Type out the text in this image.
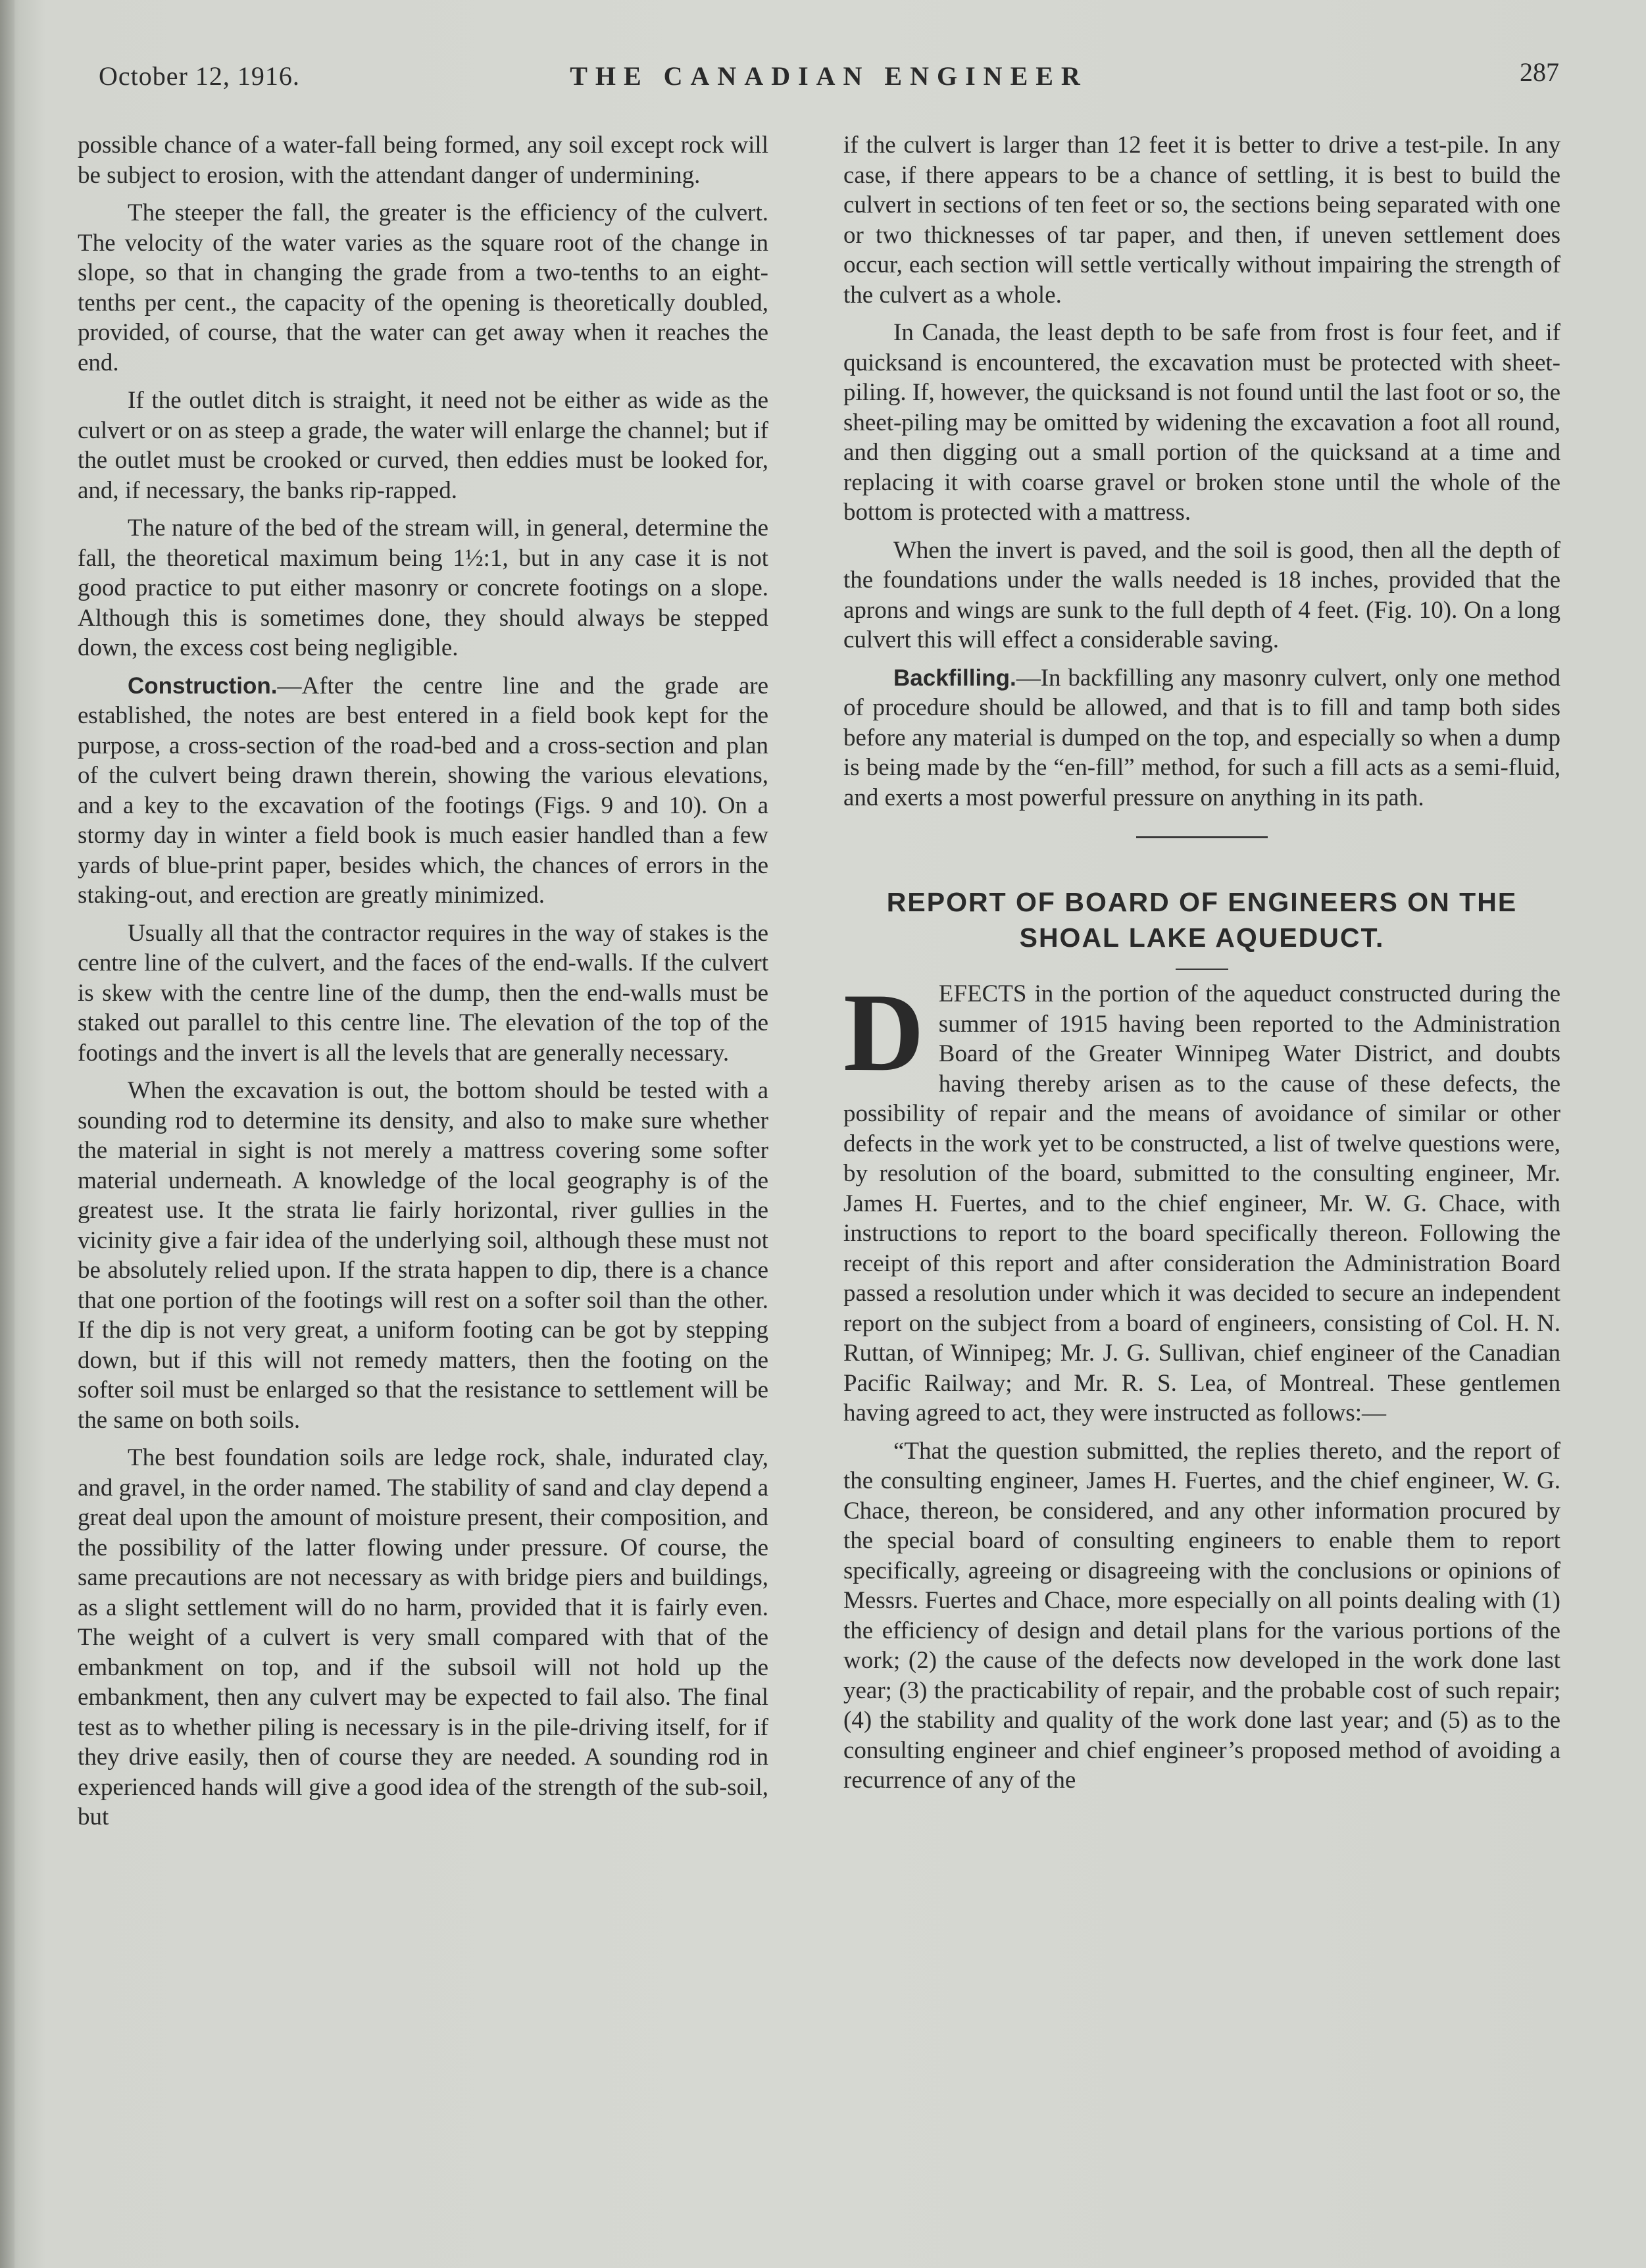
October 12, 1916.	THE CANADIAN ENGINEER	287

possible chance of a water-fall being formed, any soil except rock will be subject to erosion, with the attendant danger of undermining.

The steeper the fall, the greater is the efficiency of the culvert. The velocity of the water varies as the square root of the change in slope, so that in changing the grade from a two-tenths to an eight-tenths per cent., the capacity of the opening is theoretically doubled, provided, of course, that the water can get away when it reaches the end.

If the outlet ditch is straight, it need not be either as wide as the culvert or on as steep a grade, the water will enlarge the channel; but if the outlet must be crooked or curved, then eddies must be looked for, and, if necessary, the banks rip-rapped.

The nature of the bed of the stream will, in general, determine the fall, the theoretical maximum being 1½:1, but in any case it is not good practice to put either masonry or concrete footings on a slope. Although this is sometimes done, they should always be stepped down, the excess cost being negligible.

Construction.—After the centre line and the grade are established, the notes are best entered in a field book kept for the purpose, a cross-section of the road-bed and a cross-section and plan of the culvert being drawn therein, showing the various elevations, and a key to the excavation of the footings (Figs. 9 and 10). On a stormy day in winter a field book is much easier handled than a few yards of blue-print paper, besides which, the chances of errors in the staking-out, and erection are greatly minimized.

Usually all that the contractor requires in the way of stakes is the centre line of the culvert, and the faces of the end-walls. If the culvert is skew with the centre line of the dump, then the end-walls must be staked out parallel to this centre line. The elevation of the top of the footings and the invert is all the levels that are generally necessary.

When the excavation is out, the bottom should be tested with a sounding rod to determine its density, and also to make sure whether the material in sight is not merely a mattress covering some softer material underneath. A knowledge of the local geography is of the greatest use. It the strata lie fairly horizontal, river gullies in the vicinity give a fair idea of the underlying soil, although these must not be absolutely relied upon. If the strata happen to dip, there is a chance that one portion of the footings will rest on a softer soil than the other. If the dip is not very great, a uniform footing can be got by stepping down, but if this will not remedy matters, then the footing on the softer soil must be enlarged so that the resistance to settlement will be the same on both soils.

The best foundation soils are ledge rock, shale, indurated clay, and gravel, in the order named. The stability of sand and clay depend a great deal upon the amount of moisture present, their composition, and the possibility of the latter flowing under pressure. Of course, the same precautions are not necessary as with bridge piers and buildings, as a slight settlement will do no harm, provided that it is fairly even. The weight of a culvert is very small compared with that of the embankment on top, and if the subsoil will not hold up the embankment, then any culvert may be expected to fail also. The final test as to whether piling is necessary is in the pile-driving itself, for if they drive easily, then of course they are needed. A sounding rod in experienced hands will give a good idea of the strength of the sub-soil, but

if the culvert is larger than 12 feet it is better to drive a test-pile. In any case, if there appears to be a chance of settling, it is best to build the culvert in sections of ten feet or so, the sections being separated with one or two thicknesses of tar paper, and then, if uneven settlement does occur, each section will settle vertically without impairing the strength of the culvert as a whole.

In Canada, the least depth to be safe from frost is four feet, and if quicksand is encountered, the excavation must be protected with sheet-piling. If, however, the quicksand is not found until the last foot or so, the sheet-piling may be omitted by widening the excavation a foot all round, and then digging out a small portion of the quicksand at a time and replacing it with coarse gravel or broken stone until the whole of the bottom is protected with a mattress.

When the invert is paved, and the soil is good, then all the depth of the foundations under the walls needed is 18 inches, provided that the aprons and wings are sunk to the full depth of 4 feet. (Fig. 10). On a long culvert this will effect a considerable saving.

Backfilling.—In backfilling any masonry culvert, only one method of procedure should be allowed, and that is to fill and tamp both sides before any material is dumped on the top, and especially so when a dump is being made by the “en-fill” method, for such a fill acts as a semi-fluid, and exerts a most powerful pressure on anything in its path.

REPORT OF BOARD OF ENGINEERS ON THE
SHOAL LAKE AQUEDUCT.

DEFECTS in the portion of the aqueduct constructed during the summer of 1915 having been reported to the Administration Board of the Greater Winnipeg Water District, and doubts having thereby arisen as to the cause of these defects, the possibility of repair and the means of avoidance of similar or other defects in the work yet to be constructed, a list of twelve questions were, by resolution of the board, submitted to the consulting engineer, Mr. James H. Fuertes, and to the chief engineer, Mr. W. G. Chace, with instructions to report to the board specifically thereon. Following the receipt of this report and after consideration the Administration Board passed a resolution under which it was decided to secure an independent report on the subject from a board of engineers, consisting of Col. H. N. Ruttan, of Winnipeg; Mr. J. G. Sullivan, chief engineer of the Canadian Pacific Railway; and Mr. R. S. Lea, of Montreal. These gentlemen having agreed to act, they were instructed as follows:—

“That the question submitted, the replies thereto, and the report of the consulting engineer, James H. Fuertes, and the chief engineer, W. G. Chace, thereon, be considered, and any other information procured by the special board of consulting engineers to enable them to report specifically, agreeing or disagreeing with the conclusions or opinions of Messrs. Fuertes and Chace, more especially on all points dealing with (1) the efficiency of design and detail plans for the various portions of the work; (2) the cause of the defects now developed in the work done last year; (3) the practicability of repair, and the probable cost of such repair; (4) the stability and quality of the work done last year; and (5) as to the consulting engineer and chief engineer’s proposed method of avoiding a recurrence of any of the
